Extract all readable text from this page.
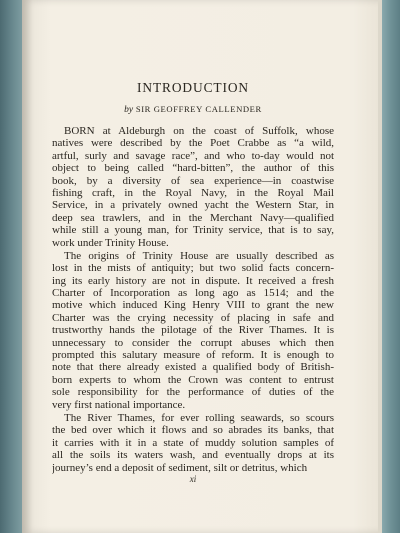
INTRODUCTION

by SIR GEOFFREY CALLENDER

BORN at Aldeburgh on the coast of Suffolk, whose
natives were described by the Poet Crabbe as “a wild,
artful, surly and savage race”, and who to-day would not
object to being called “hard-bitten”, the author of this
book, by a diversity of sea experience—in coastwise
fishing craft, in the Royal Navy, in the Royal Mail
Service, in a privately owned yacht the Western Star, in
deep sea trawlers, and in the Merchant Navy—qualified
while still a young man, for Trinity service, that is to say,
work under Trinity House.
The origins of Trinity House are usually described as
lost in the mists of antiquity; but two solid facts concern-
ing its early history are not in dispute. It received a fresh
Charter of Incorporation as long ago as 1514; and the
motive which induced King Henry VIII to grant the new
Charter was the crying necessity of placing in safe and
trustworthy hands the pilotage of the River Thames. It is
unnecessary to consider the corrupt abuses which then
prompted this salutary measure of reform. It is enough to
note that there already existed a qualified body of British-
born experts to whom the Crown was content to entrust
sole responsibility for the performance of duties of the
very first national importance.
The River Thames, for ever rolling seawards, so scours
the bed over which it flows and so abrades its banks, that
it carries with it in a state of muddy solution samples of
all the soils its waters wash, and eventually drops at its
journey’s end a deposit of sediment, silt or detritus, which

xi
